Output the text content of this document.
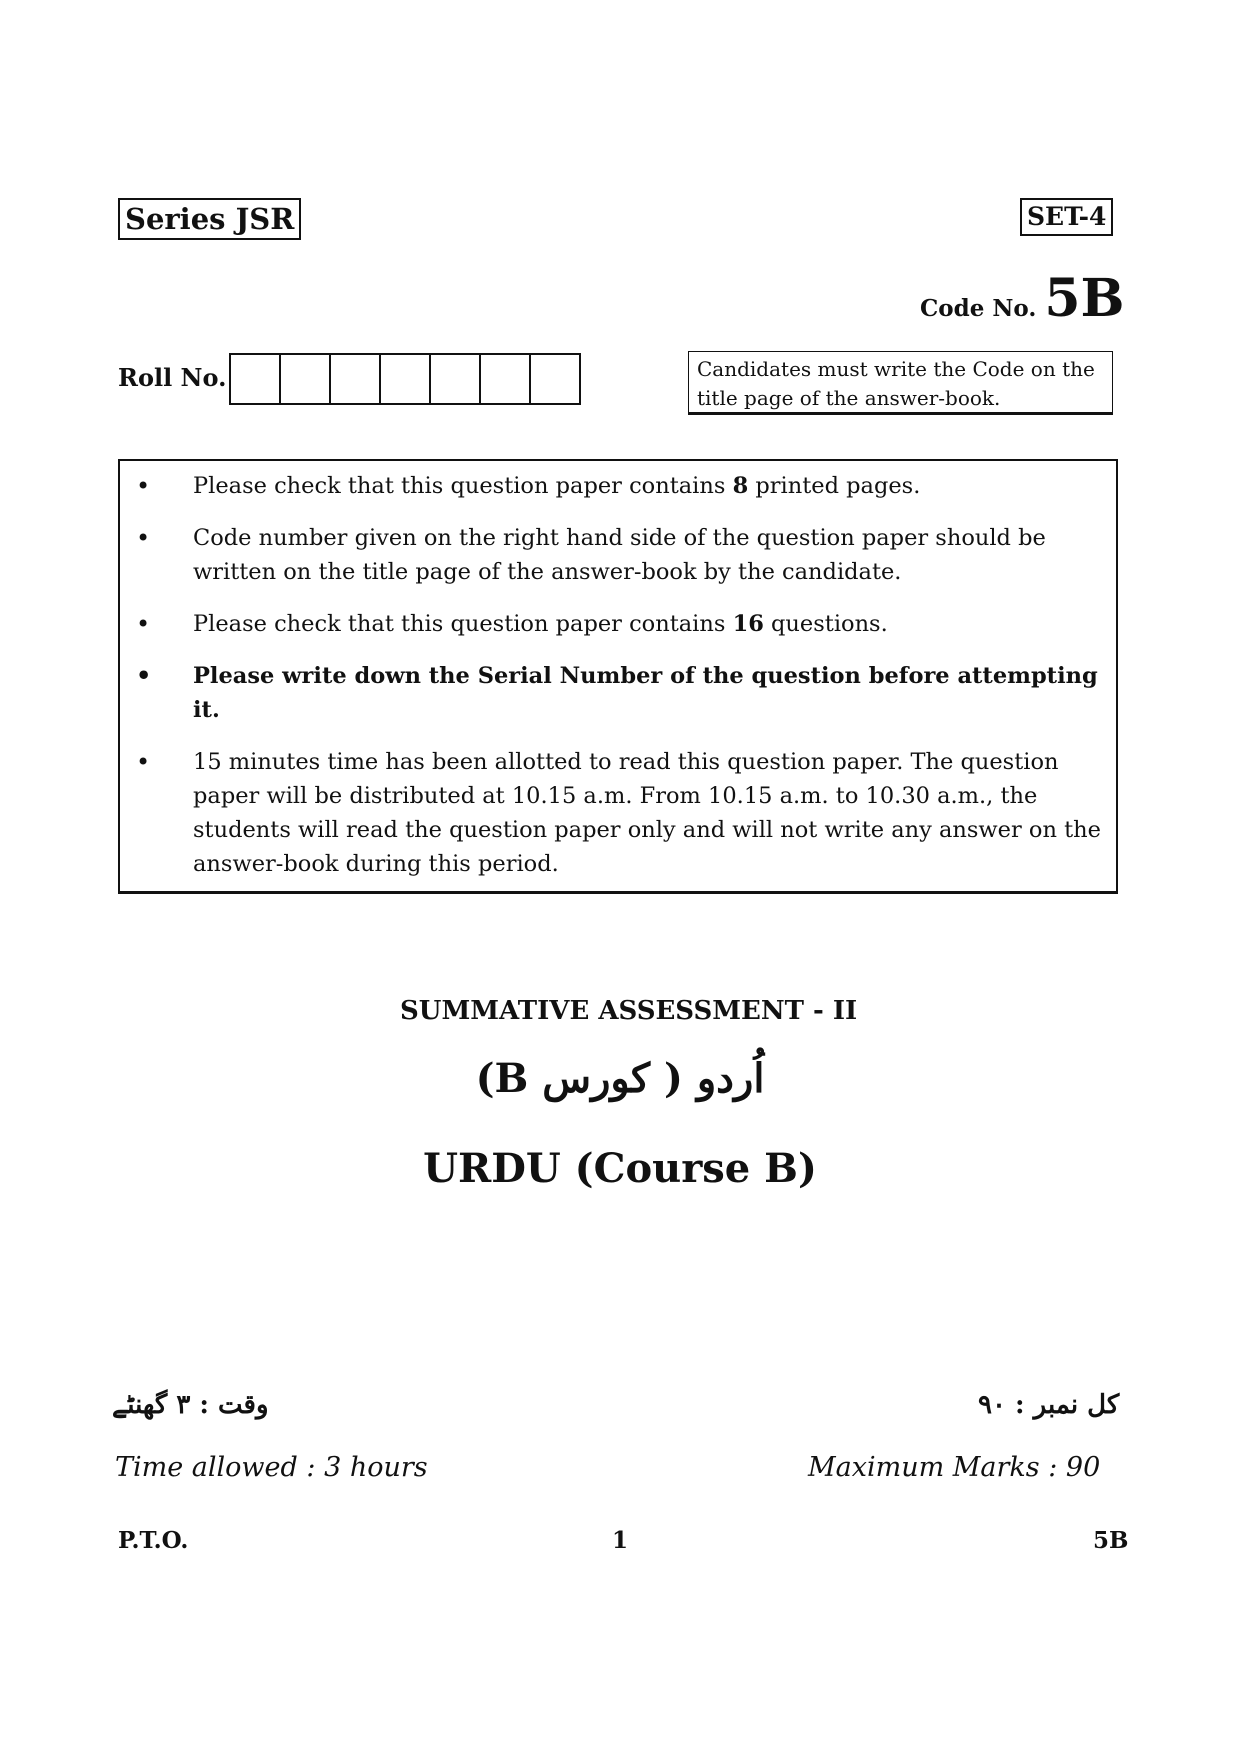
Series JSR	SET-4
Code No. 5B
Roll No.	Candidates must write the Code on the title page of the answer-book.
• Please check that this question paper contains 8 printed pages.
• Code number given on the right hand side of the question paper should be written on the title page of the answer-book by the candidate.
• Please check that this question paper contains 16 questions.
• Please write down the Serial Number of the question before attempting it.
• 15 minutes time has been allotted to read this question paper. The question paper will be distributed at 10.15 a.m. From 10.15 a.m. to 10.30 a.m., the students will read the question paper only and will not write any answer on the answer-book during this period.
SUMMATIVE ASSESSMENT - II
اُردو ( کورس B)
URDU (Course B)
وقت : ۳ گھنٹے	کل نمبر : ۹۰
Time allowed : 3 hours	Maximum Marks : 90
P.T.O.	1	5B
